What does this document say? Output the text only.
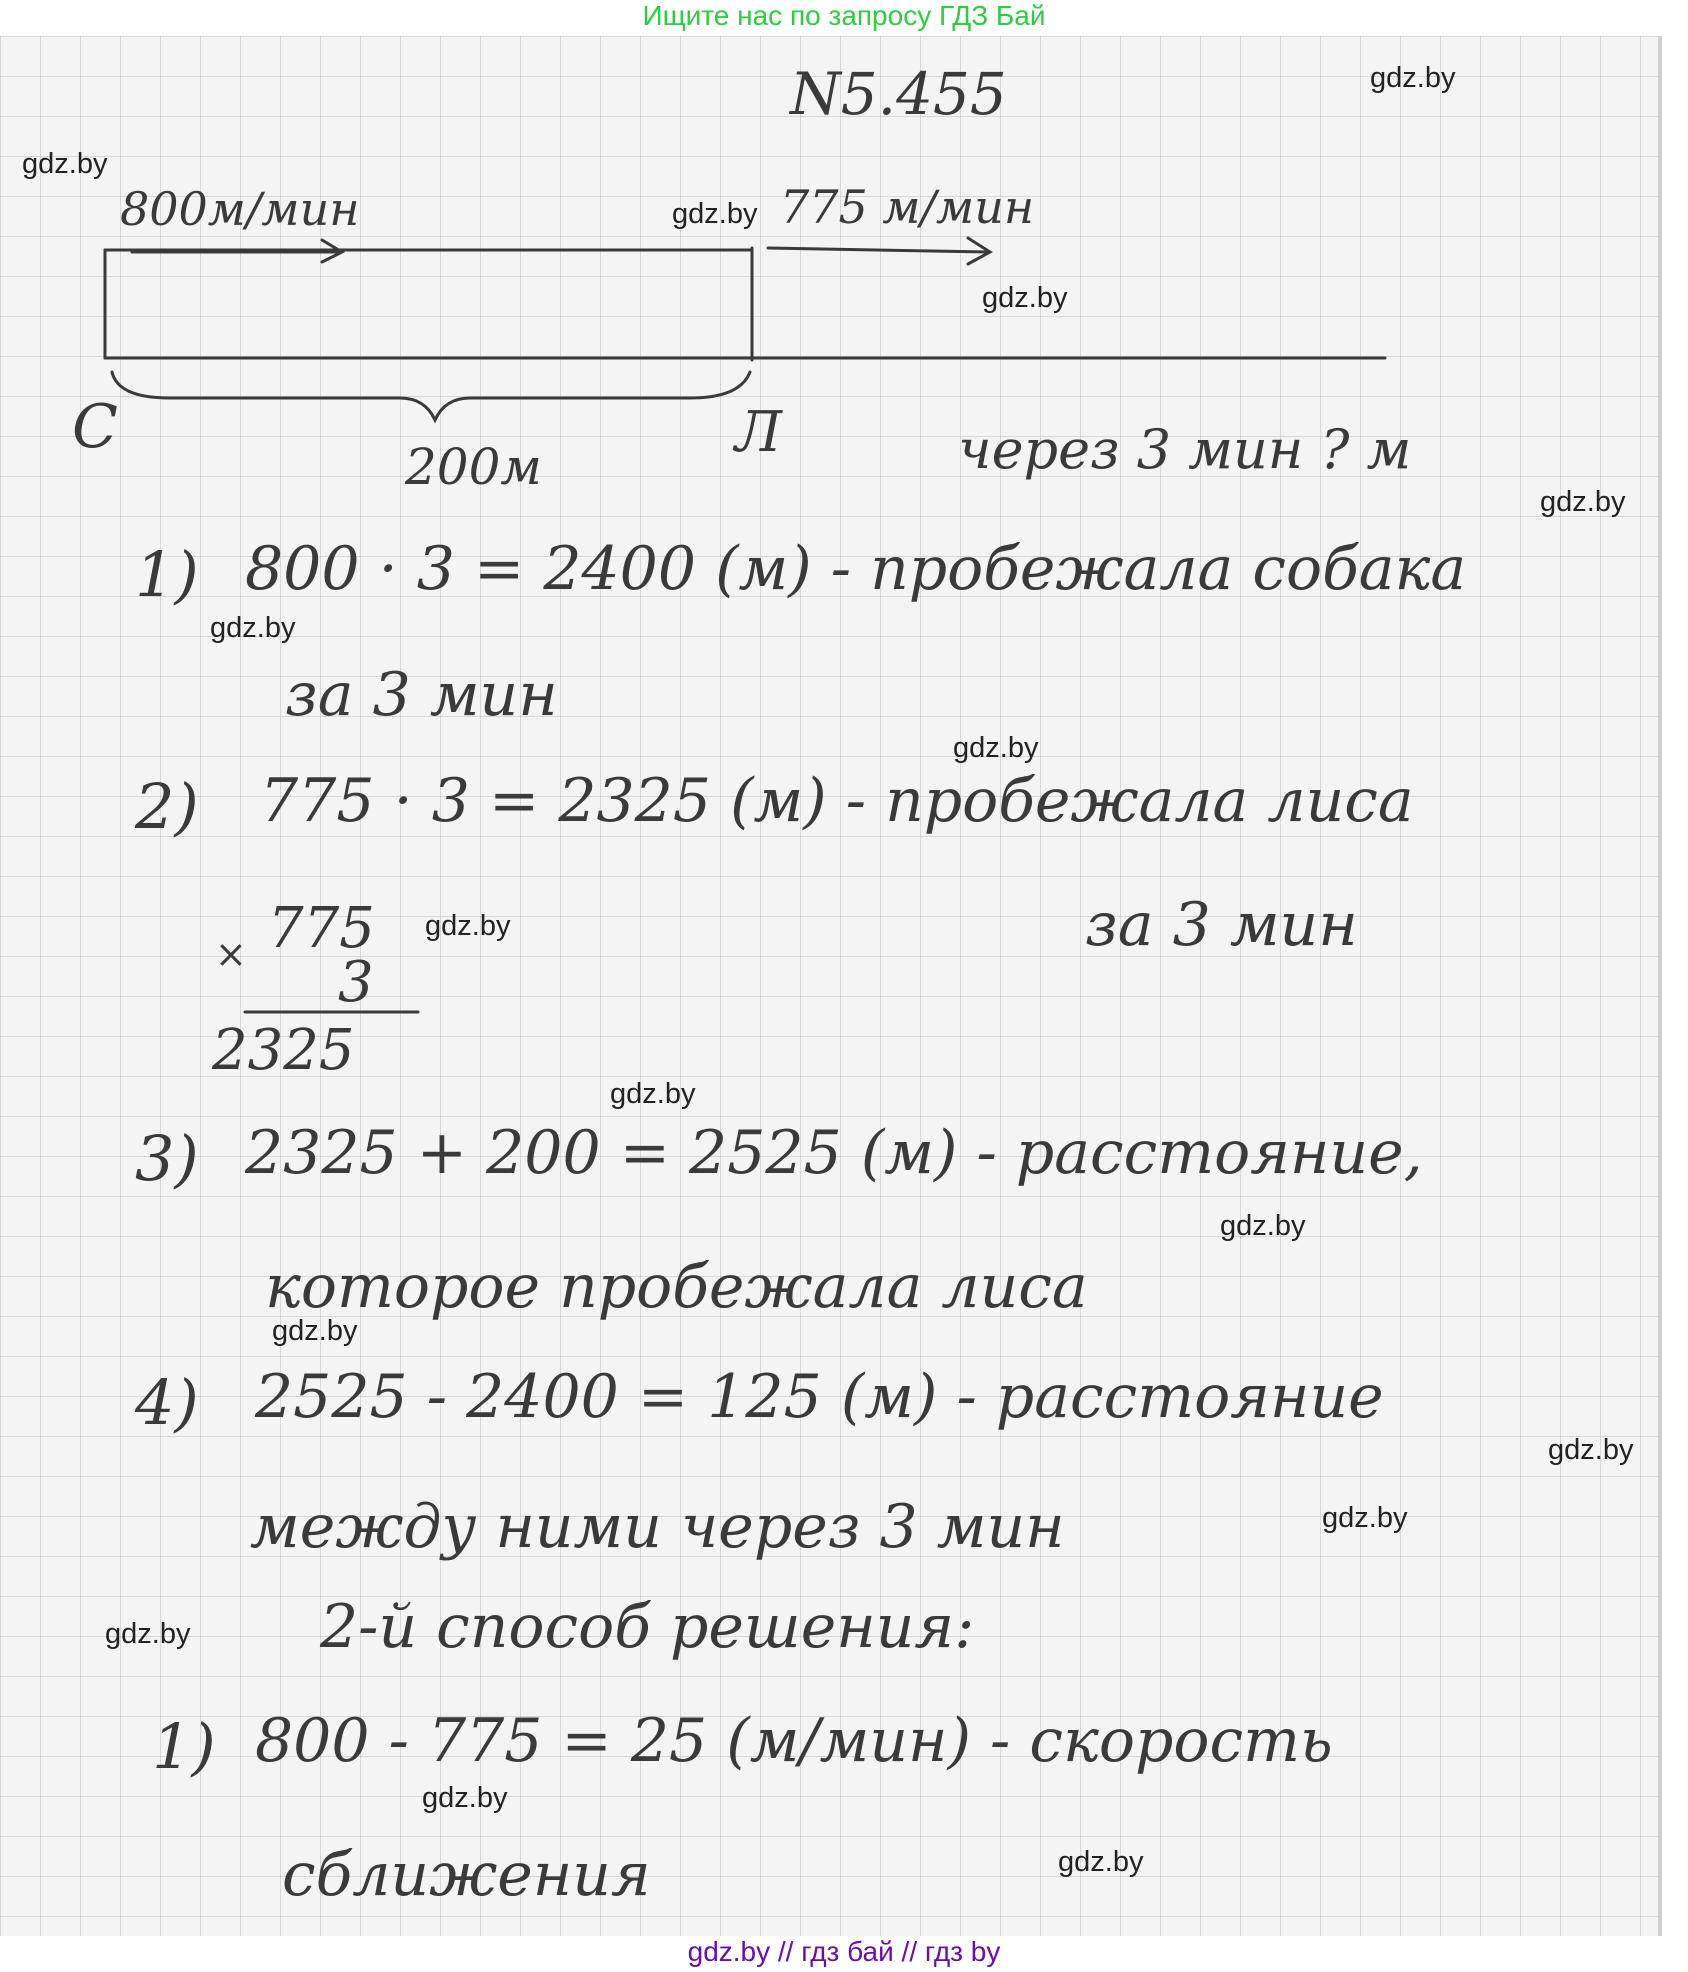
Ищите нас по запросу ГДЗ Бай
N5.455
800м/мин	775 м/мин
С	Л
200м	через 3 мин ? м
1) 800 · 3 = 2400 (м) - пробежала собака
за 3 мин
2) 775 · 3 = 2325 (м) - пробежала лиса
за 3 мин
× 775
3
2325
3) 2325 + 200 = 2525 (м) - расстояние,
которое пробежала лиса
4) 2525 - 2400 = 125 (м) - расстояние
между ними через 3 мин
2-й способ решения:
1) 800 - 775 = 25 (м/мин) - скорость
сближения
gdz.by
gdz.by
gdz.by
gdz.by
gdz.by
gdz.by
gdz.by
gdz.by
gdz.by
gdz.by
gdz.by
gdz.by
gdz.by
gdz.by
gdz.by
gdz.by
gdz.by // гдз бай // гдз by
